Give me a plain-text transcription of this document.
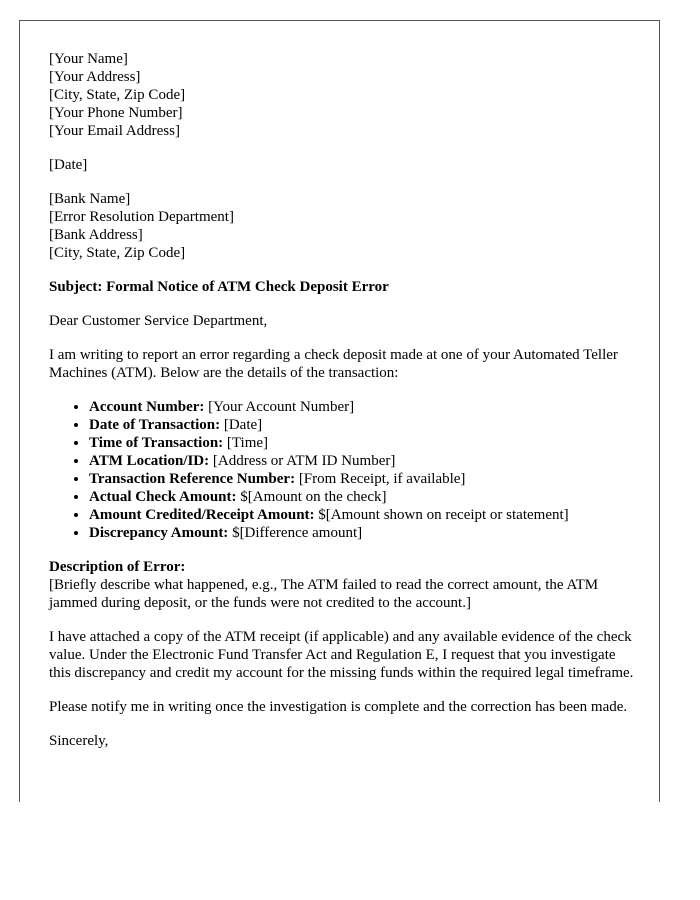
[Your Name]
[Your Address]
[City, State, Zip Code]
[Your Phone Number]
[Your Email Address]
[Date]
[Bank Name]
[Error Resolution Department]
[Bank Address]
[City, State, Zip Code]
Subject: Formal Notice of ATM Check Deposit Error

Dear Customer Service Department,

I am writing to report an error regarding a check deposit made at one of your Automated Teller Machines (ATM). Below are the details of the transaction:

• Account Number: [Your Account Number]
• Date of Transaction: [Date]
• Time of Transaction: [Time]
• ATM Location/ID: [Address or ATM ID Number]
• Transaction Reference Number: [From Receipt, if available]
• Actual Check Amount: $[Amount on the check]
• Amount Credited/Receipt Amount: $[Amount shown on receipt or statement]
• Discrepancy Amount: $[Difference amount]

Description of Error:
[Briefly describe what happened, e.g., The ATM failed to read the correct amount, the ATM jammed during deposit, or the funds were not credited to the account.]

I have attached a copy of the ATM receipt (if applicable) and any available evidence of the check value. Under the Electronic Fund Transfer Act and Regulation E, I request that you investigate this discrepancy and credit my account for the missing funds within the required legal timeframe.

Please notify me in writing once the investigation is complete and the correction has been made.

Sincerely,
